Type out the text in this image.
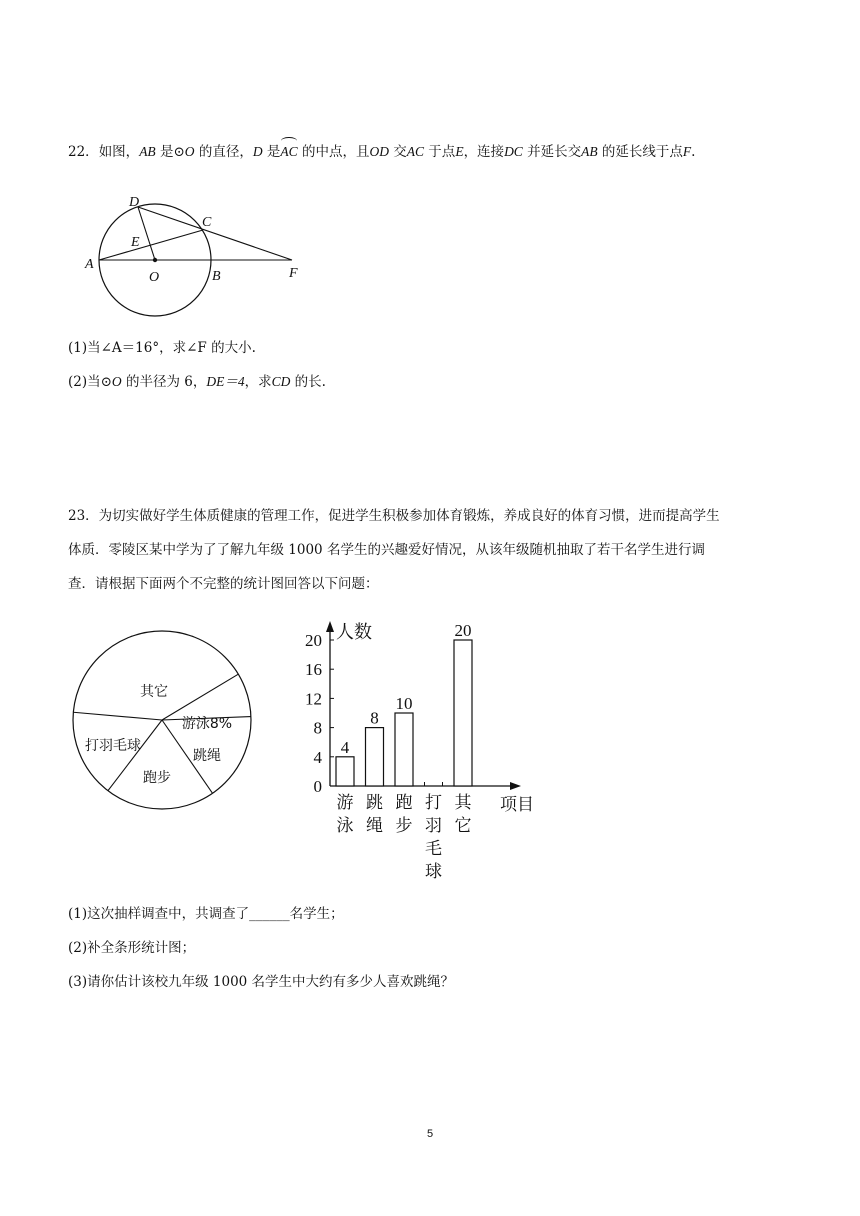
22．如图，AB 是⊙O 的直径，D 是AC 的中点，且OD 交AC 于点E，连接DC 并延长交AB 的延长线于点F.
A
D
C
E
O	B	F
(1)当∠A＝16°，求∠F 的大小.
(2)当⊙O 的半径为 6，DE＝4，求CD 的长.
23．为切实做好学生体质健康的管理工作，促进学生积极参加体育锻炼，养成良好的体育习惯，进而提高学生
体质．零陵区某中学为了了解九年级 1000 名学生的兴趣爱好情况，从该年级随机抽取了若干名学生进行调
查．请根据下面两个不完整的统计图回答以下问题：
其它
游泳8%
跳绳
跑步
打羽毛球
0
4
8
12
16
20 人数
项目
4
游
泳
8
跳
绳
10
跑
步
打
羽
毛
球
20
其
它
(1)这次抽样调查中，共调查了______名学生；
(2)补全条形统计图；
(3)请你估计该校九年级 1000 名学生中大约有多少人喜欢跳绳？
5
